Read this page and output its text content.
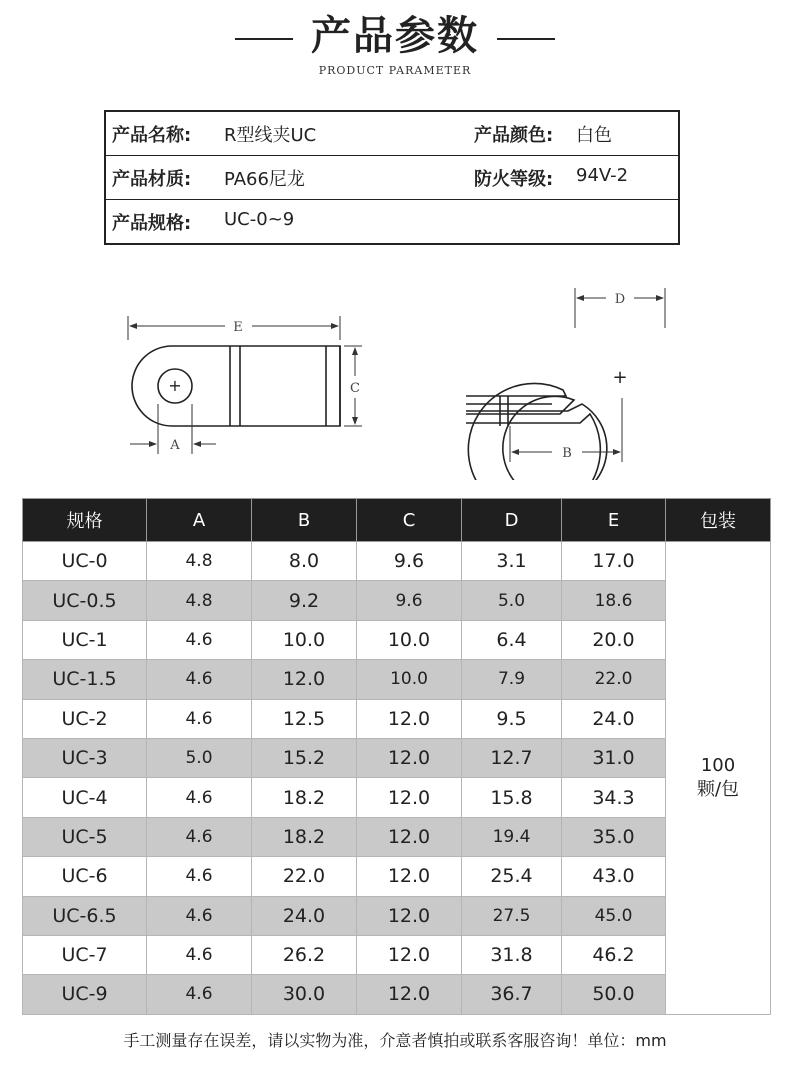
产品参数
PRODUCT PARAMETER
产品名称: R型线夹UC	产品颜色: 白色
产品材质: PA66尼龙	防火等级: 94V-2
产品规格: UC-0~9
+
E
C
A
+
D
B
规格	A	B	C	D	E	包装
UC-0	4.8	8.0	9.6	3.1	17.0	100
颗/包

UC-0.5	4.8	9.2	9.6	5.0	18.6	
UC-1	4.6	10.0	10.0	6.4	20.0	
UC-1.5	4.6	12.0	10.0	7.9	22.0	
UC-2	4.6	12.5	12.0	9.5	24.0	
UC-3	5.0	15.2	12.0	12.7	31.0	
UC-4	4.6	18.2	12.0	15.8	34.3	
UC-5	4.6	18.2	12.0	19.4	35.0	
UC-6	4.6	22.0	12.0	25.4	43.0	
UC-6.5	4.6	24.0	12.0	27.5	45.0	
UC-7	4.6	26.2	12.0	31.8	46.2	
UC-9	4.6	30.0	12.0	36.7	50.0	
手工测量存在误差，请以实物为准，介意者慎拍或联系客服咨询！单位：mm
